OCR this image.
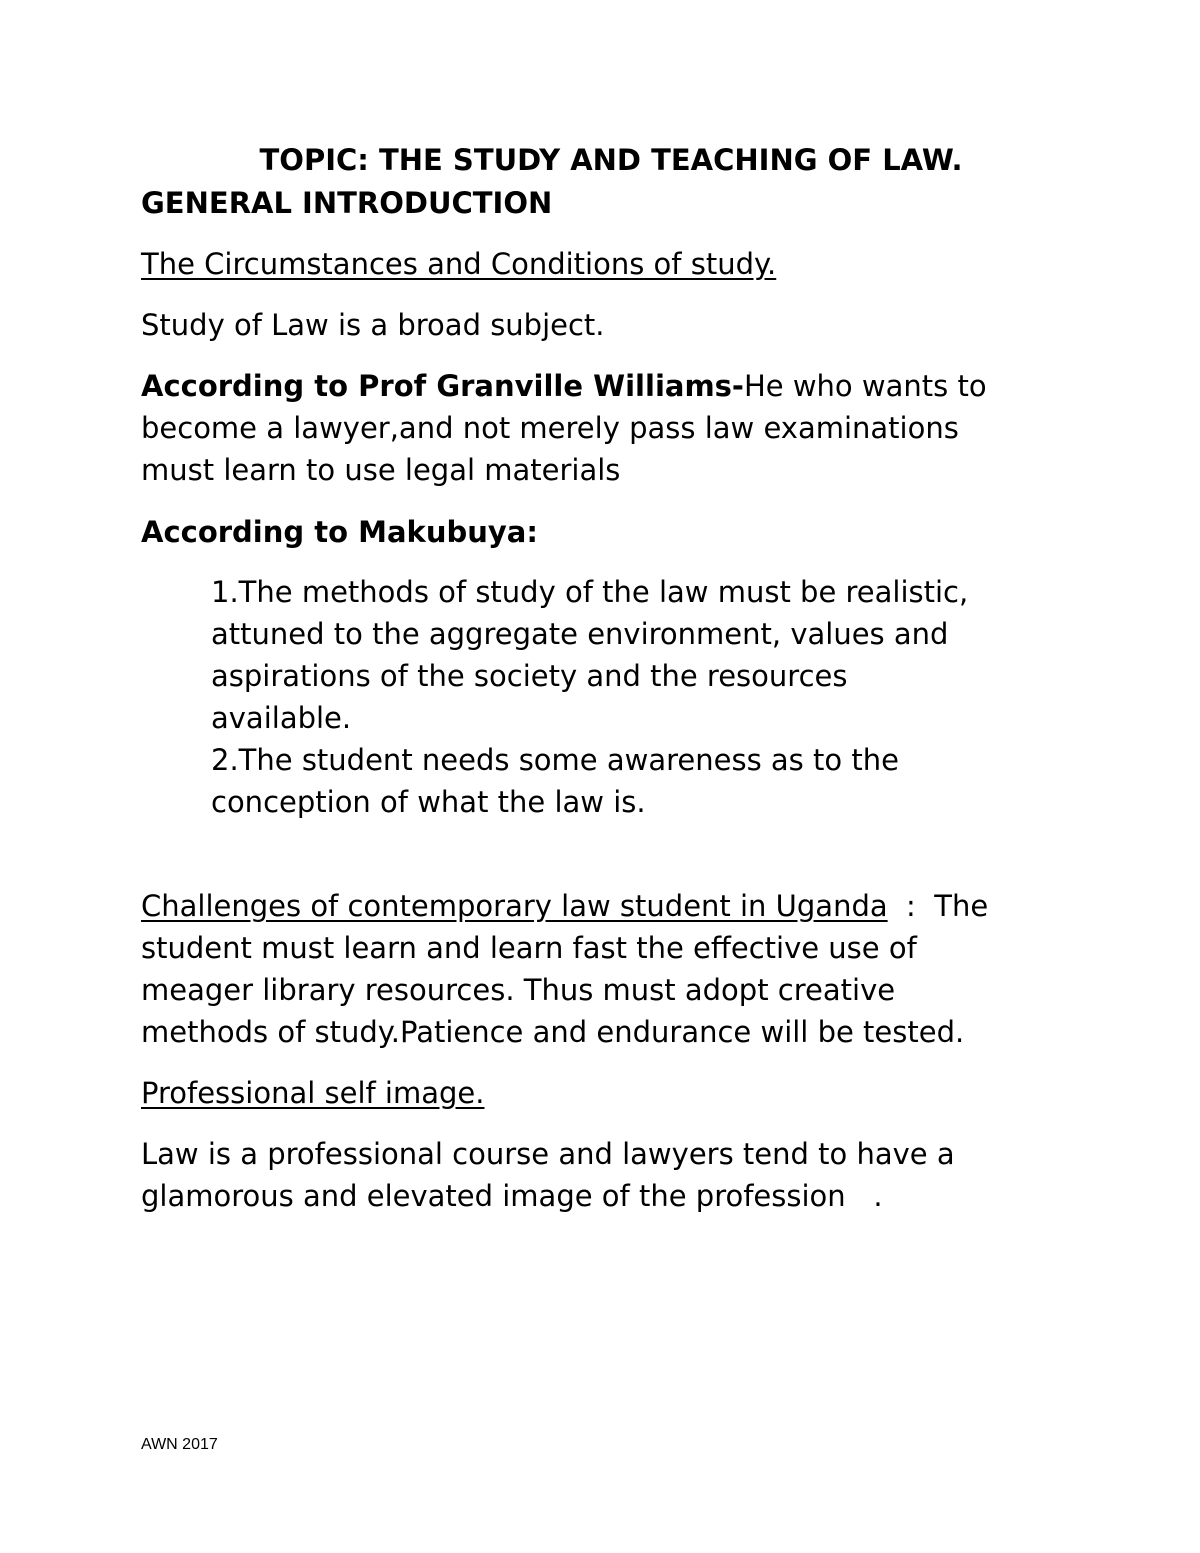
TOPIC: THE STUDY AND TEACHING OF LAW.

GENERAL INTRODUCTION

The Circumstances and Conditions of study.

Study of Law is a broad subject.

According to Prof Granville Williams-He who wants to
become a lawyer,and not merely pass law examinations
must learn to use legal materials

According to Makubuya:

1.The methods of study of the law must be realistic,
attuned to the aggregate environment, values and
aspirations of the society and the resources
available.
2.The student needs some awareness as to the
conception of what the law is.
Challenges of contemporary law student in Uganda  :  The
student must learn and learn fast the effective use of
meager library resources. Thus must adopt creative
methods of study.Patience and endurance will be tested.

Professional self image.

Law is a professional course and lawyers tend to have a
glamorous and elevated image of the profession   .
AWN 2017
